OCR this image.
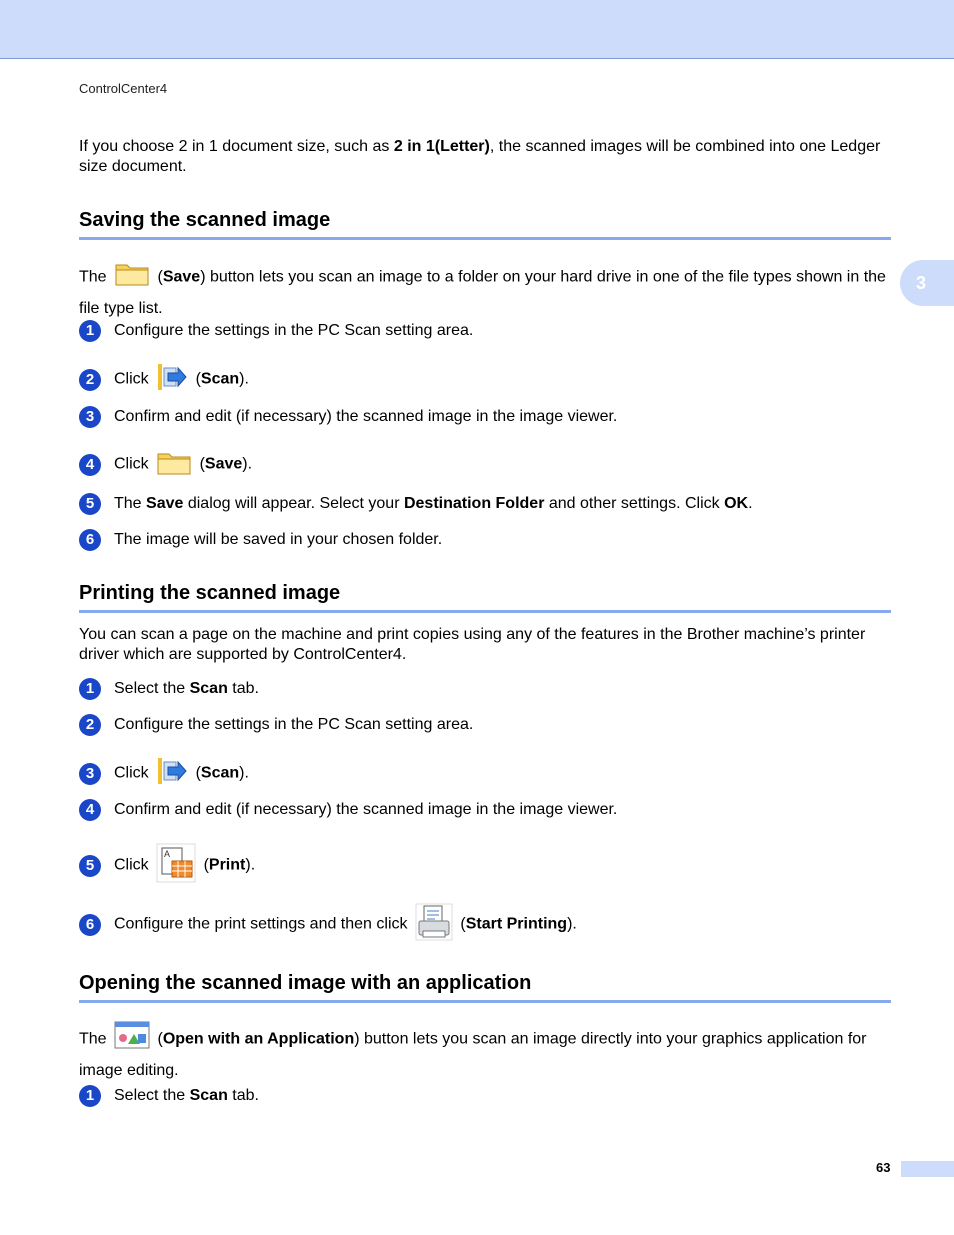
ControlCenter4
3
If you choose 2 in 1 document size, such as 2 in 1(Letter), the scanned images will be combined into one Ledger size document.
Saving the scanned image
The	(Save) button lets you scan an image to a folder on your hard drive in one of the file types shown in the file type list.
1	Configure the settings in the PC Scan setting area.
2	Click	(Scan).
3	Confirm and edit (if necessary) the scanned image in the image viewer.
4	Click	(Save).
5	The Save dialog will appear. Select your Destination Folder and other settings. Click OK.
6	The image will be saved in your chosen folder.
Printing the scanned image
You can scan a page on the machine and print copies using any of the features in the Brother machine’s printer driver which are supported by ControlCenter4.
1	Select the Scan tab.
2	Configure the settings in the PC Scan setting area.
3	Click	(Scan).
4	Confirm and edit (if necessary) the scanned image in the image viewer.
5	Click
A
(Print).
6	Configure the print settings and then click	(Start Printing).
Opening the scanned image with an application
The	(Open with an Application) button lets you scan an image directly into your graphics application for image editing.
1	Select the Scan tab.
63
